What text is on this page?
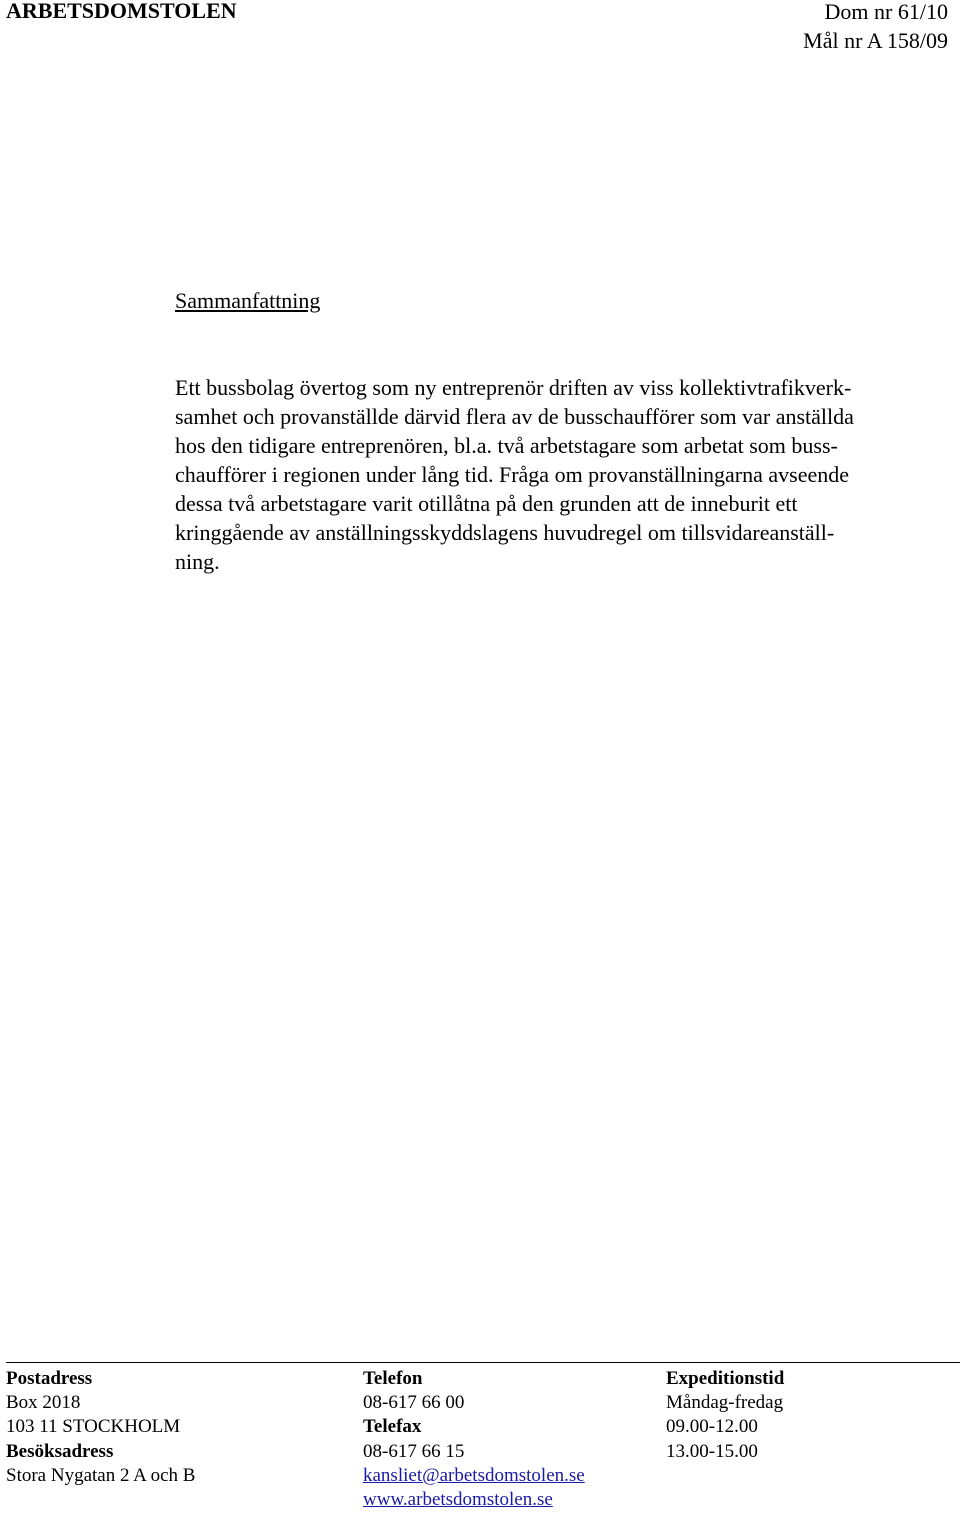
ARBETSDOMSTOLEN	Dom nr 61/10
Mål nr A 158/09
Sammanfattning

Ett bussbolag övertog som ny entreprenör driften av viss kollektivtrafikverk-
samhet och provanställde därvid flera av de busschaufförer som var anställda
hos den tidigare entreprenören, bl.a. två arbetstagare som arbetat som buss-
chaufförer i regionen under lång tid. Fråga om provanställningarna avseende
dessa två arbetstagare varit otillåtna på den grunden att de inneburit ett
kringgående av anställningsskyddslagens huvudregel om tillsvidareanställ-
ning.

Postadress
Box 2018
103 11 STOCKHOLM
Besöksadress
Stora Nygatan 2 A och B
Telefon
08-617 66 00
Telefax
08-617 66 15
kansliet@arbetsdomstolen.se
www.arbetsdomstolen.se
Expeditionstid
Måndag-fredag
09.00-12.00
13.00-15.00
